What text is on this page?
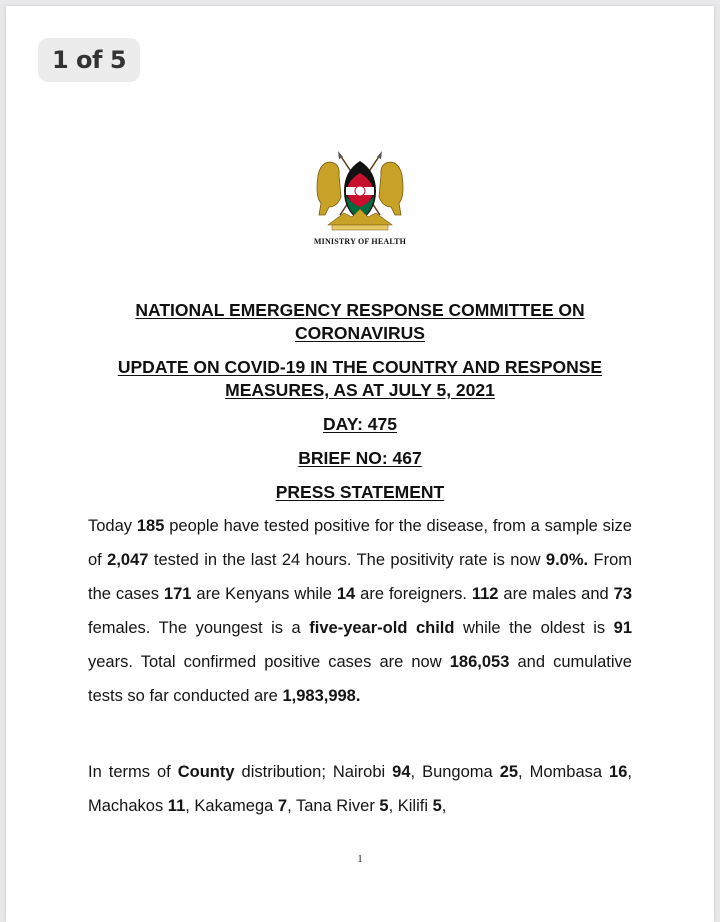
1 of 5
MINISTRY OF HEALTH
NATIONAL EMERGENCY RESPONSE COMMITTEE ON
CORONAVIRUS
UPDATE ON COVID-19 IN THE COUNTRY AND RESPONSE
MEASURES, AS AT JULY 5, 2021
DAY: 475
BRIEF NO: 467
PRESS STATEMENT
Today 185 people have tested positive for the disease, from a sample size of 2,047 tested in the last 24 hours. The positivity rate is now 9.0%. From the cases 171 are Kenyans while 14 are foreigners. 112 are males and 73 females. The youngest is a five-year-old child while the oldest is 91 years. Total confirmed positive cases are now 186,053 and cumulative tests so far conducted are 1,983,998.
In terms of County distribution; Nairobi 94, Bungoma 25, Mombasa 16, Machakos 11, Kakamega 7, Tana River 5, Kilifi 5,
1
